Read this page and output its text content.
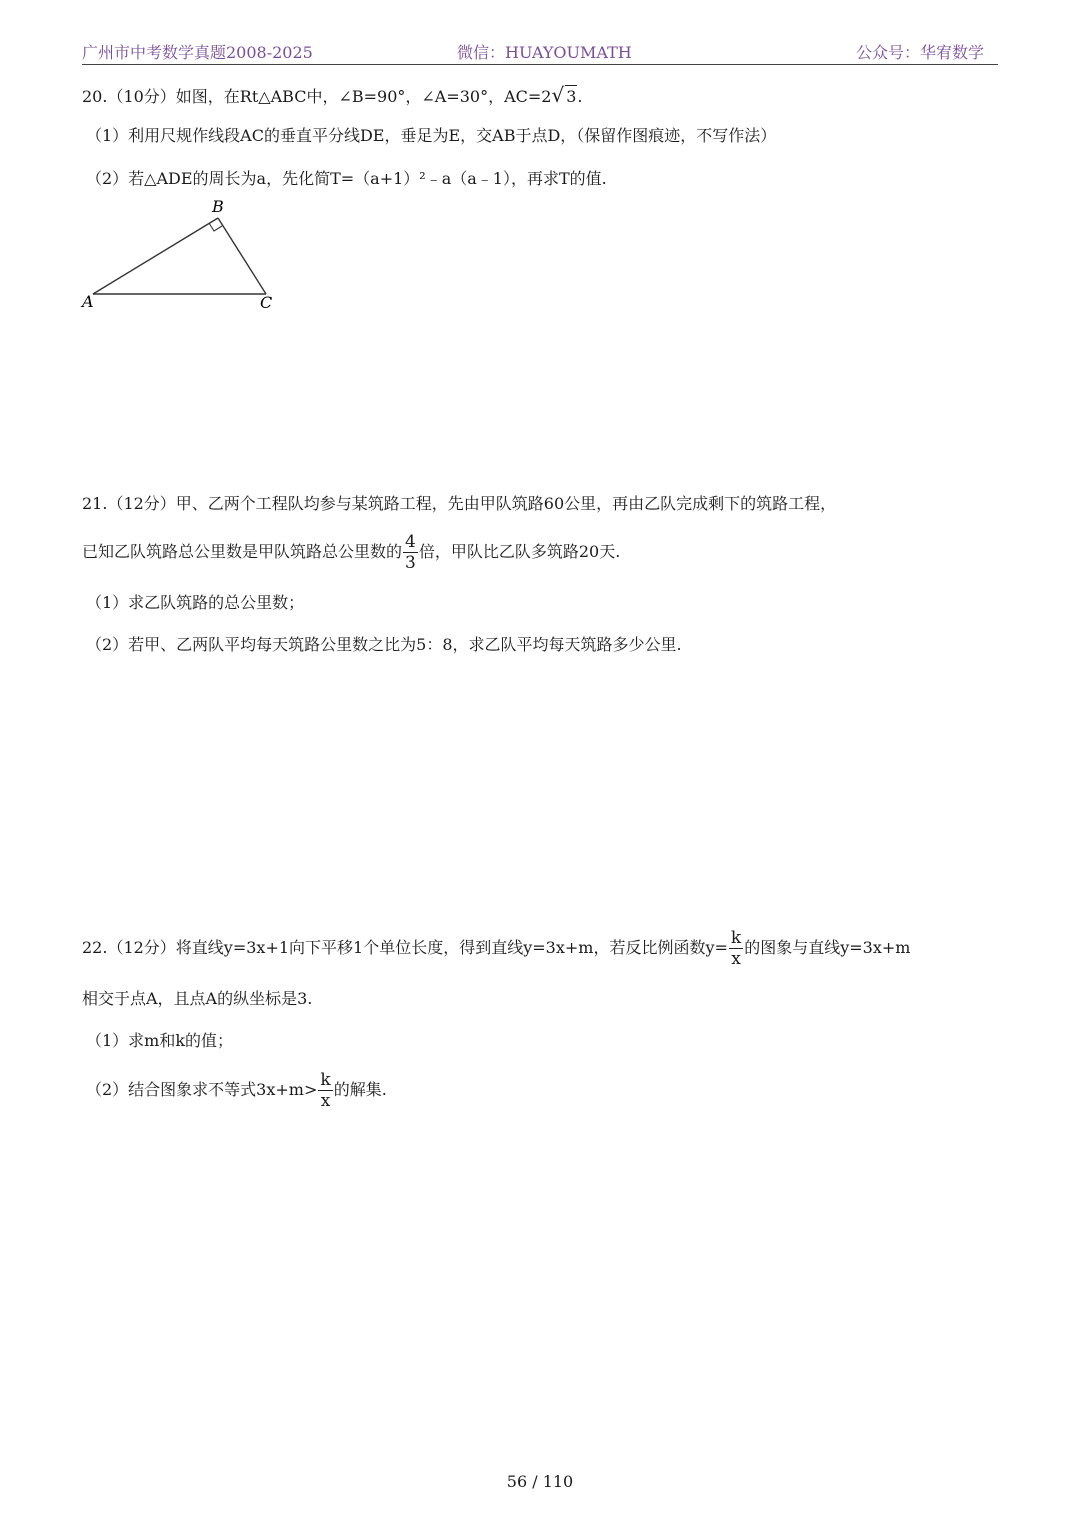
广州市中考数学真题2008-2025	微信：HUAYOUMATH	公众号：华宥数学
20.（10分）如图，在Rt△ABC中，∠B=90°，∠A=30°，AC=2√ 3.
（1）利用尺规作线段AC的垂直平分线DE，垂足为E，交AB于点D，（保留作图痕迹，不写作法）
（2）若△ADE的周长为a，先化简T=（a+1）²﹣a（a﹣1），再求T的值.
A
B
C
21.（12分）甲、乙两个工程队均参与某筑路工程，先由甲队筑路60公里，再由乙队完成剩下的筑路工程，
已知乙队筑路总公里数是甲队筑路总公里数的 $\frac{4}{3}$ 倍，甲队比乙队多筑路20天.
（1）求乙队筑路的总公里数；
（2）若甲、乙两队平均每天筑路公里数之比为5：8，求乙队平均每天筑路多少公里.
22.（12分）将直线y=3x+1向下平移1个单位长度，得到直线y=3x+m，若反比例函数$y= \frac{k}{x}$ 的图象与直线y=3x+m
相交于点A，且点A的纵坐标是3.
（1）求m和k的值；
（2）结合图象求不等式$3x+m> \frac{k}{x}$ 的解集.
56 / 110
